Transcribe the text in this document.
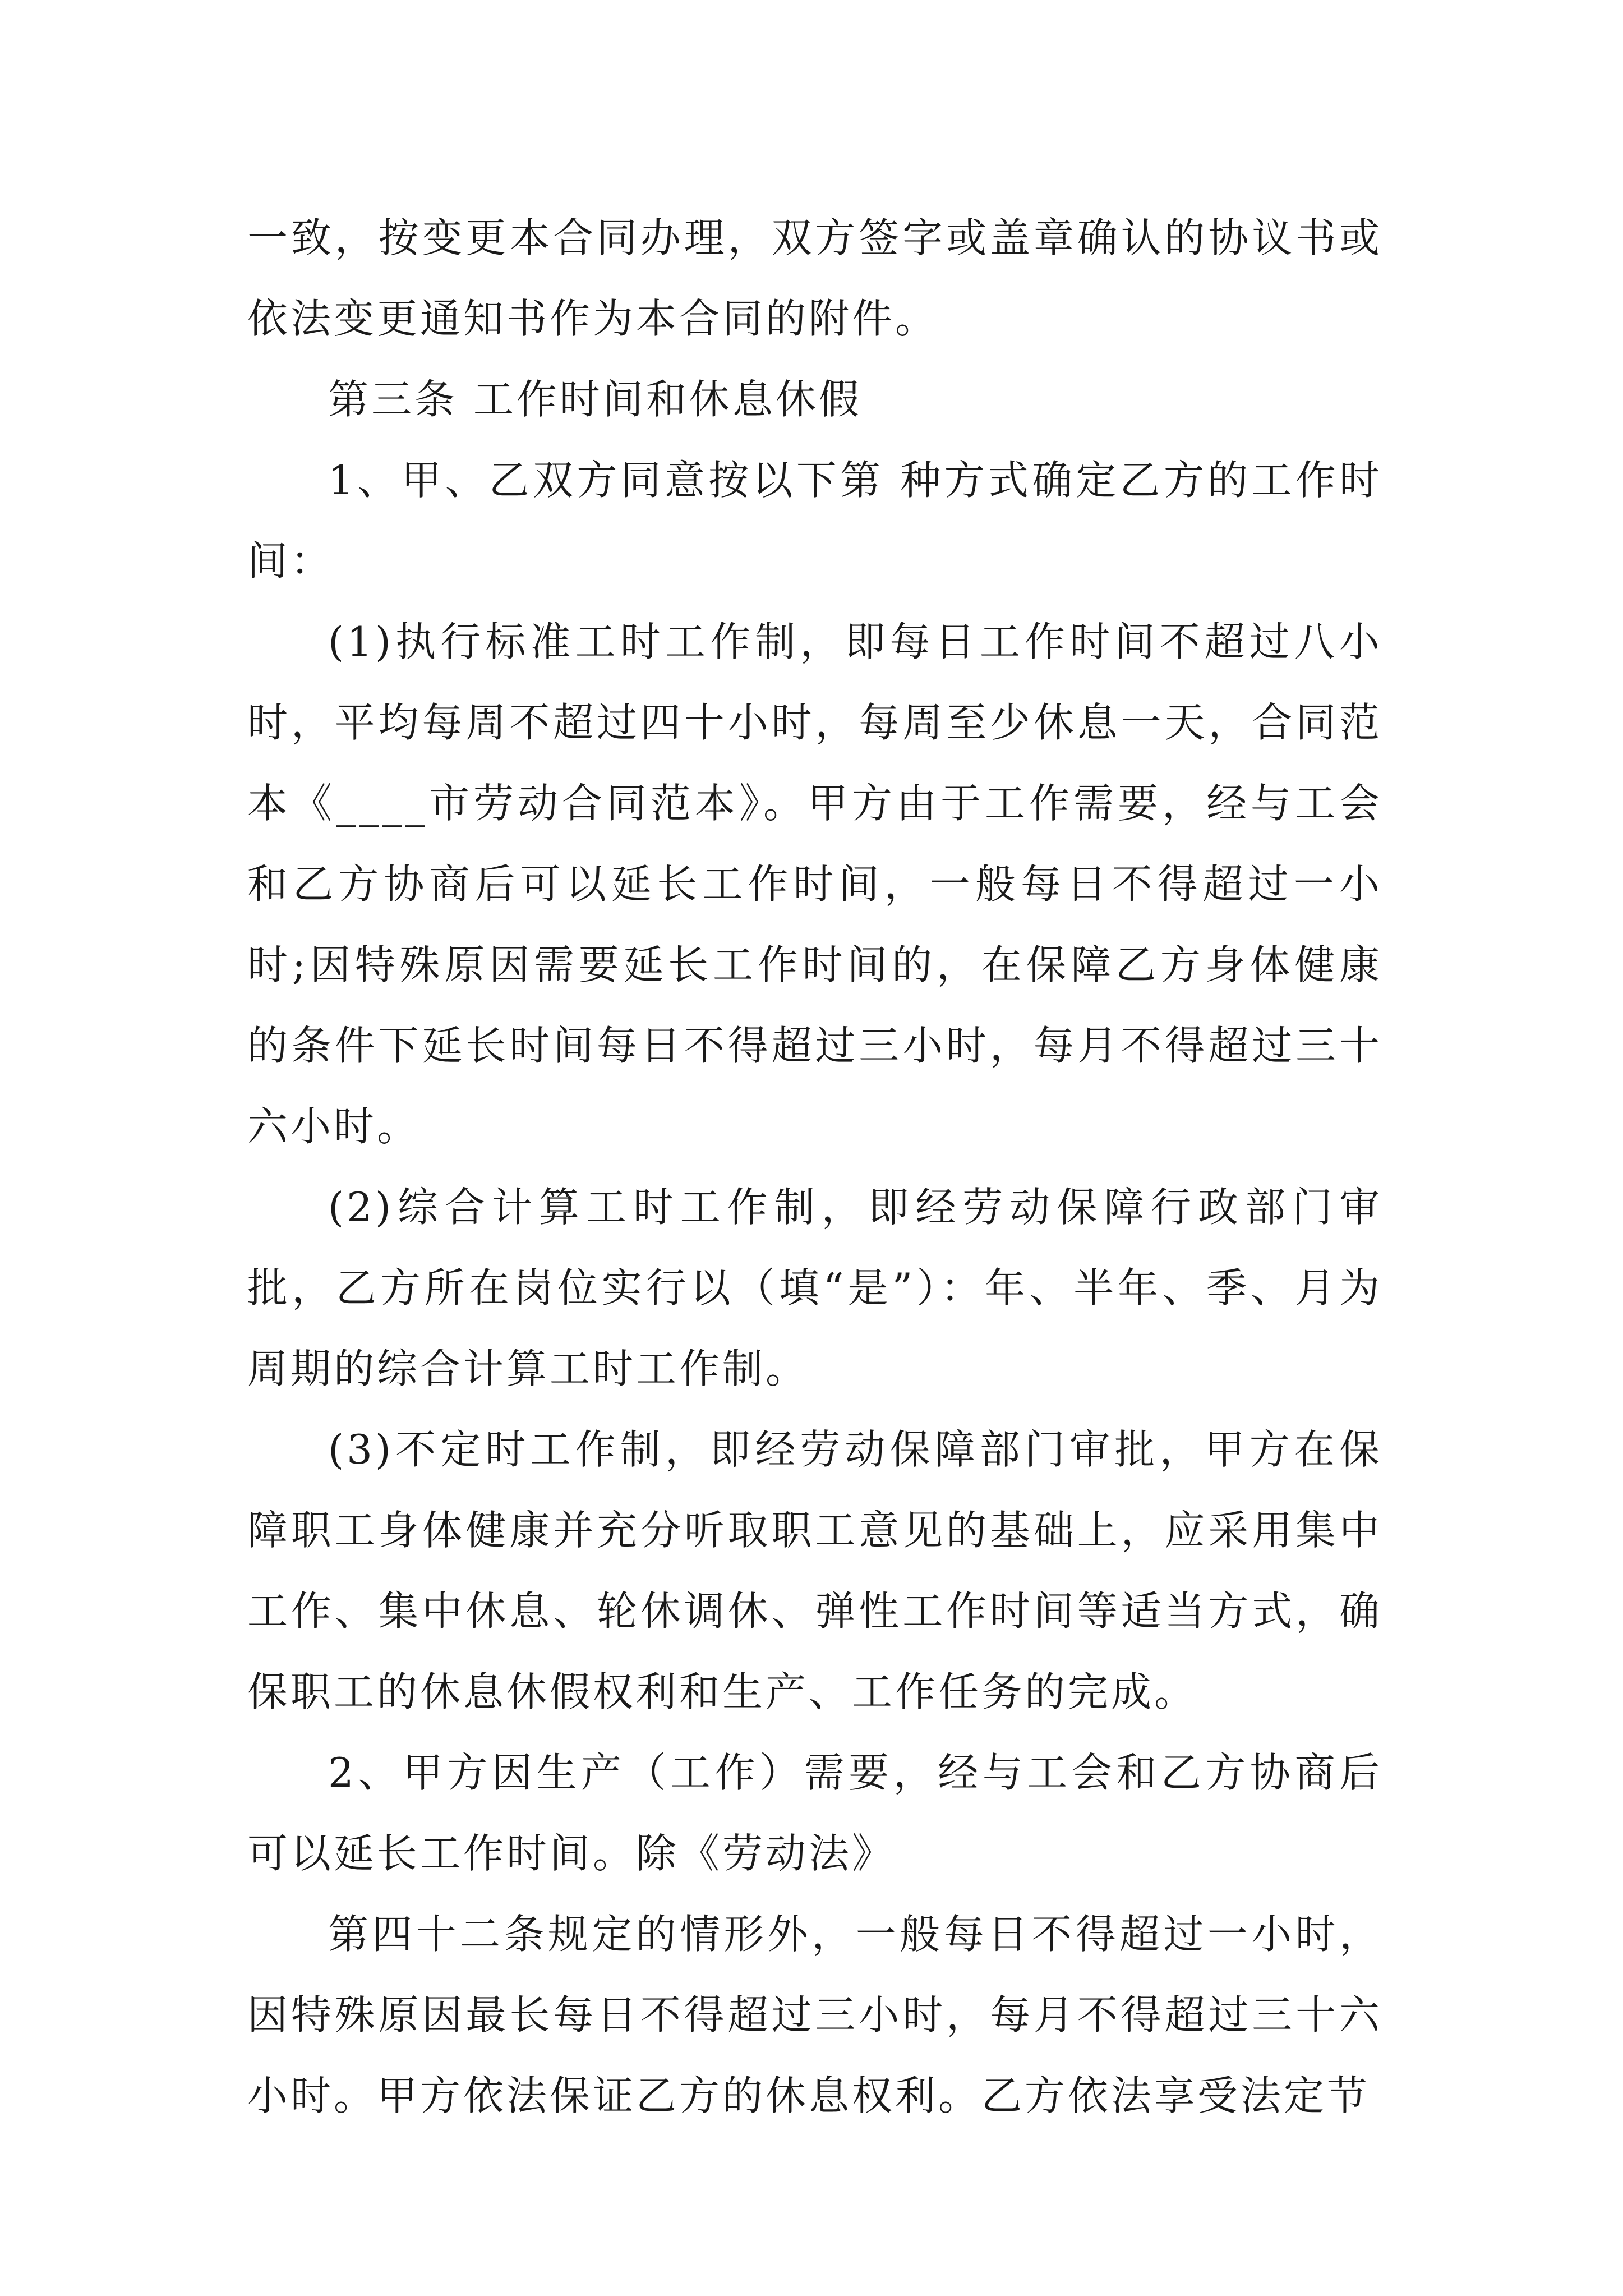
一致，按变更本合同办理，双方签字或盖章确认的协议书或依法变更通知书作为本合同的附件。

第三条 工作时间和休息休假

1、甲、乙双方同意按以下第 种方式确定乙方的工作时间：

(1)执行标准工时工作制，即每日工作时间不超过八小时，平均每周不超过四十小时，每周至少休息一天，合同范本《____市劳动合同范本》。甲方由于工作需要，经与工会和乙方协商后可以延长工作时间，一般每日不得超过一小时;因特殊原因需要延长工作时间的，在保障乙方身体健康的条件下延长时间每日不得超过三小时，每月不得超过三十六小时。

(2)综合计算工时工作制，即经劳动保障行政部门审批，乙方所在岗位实行以（填“是”）：年、半年、季、月为周期的综合计算工时工作制。

(3)不定时工作制，即经劳动保障部门审批，甲方在保障职工身体健康并充分听取职工意见的基础上，应采用集中工作、集中休息、轮休调休、弹性工作时间等适当方式，确保职工的休息休假权利和生产、工作任务的完成。

2、甲方因生产（工作）需要，经与工会和乙方协商后可以延长工作时间。除《劳动法》

第四十二条规定的情形外，一般每日不得超过一小时，因特殊原因最长每日不得超过三小时，每月不得超过三十六小时。甲方依法保证乙方的休息权利。乙方依法享受法定节
